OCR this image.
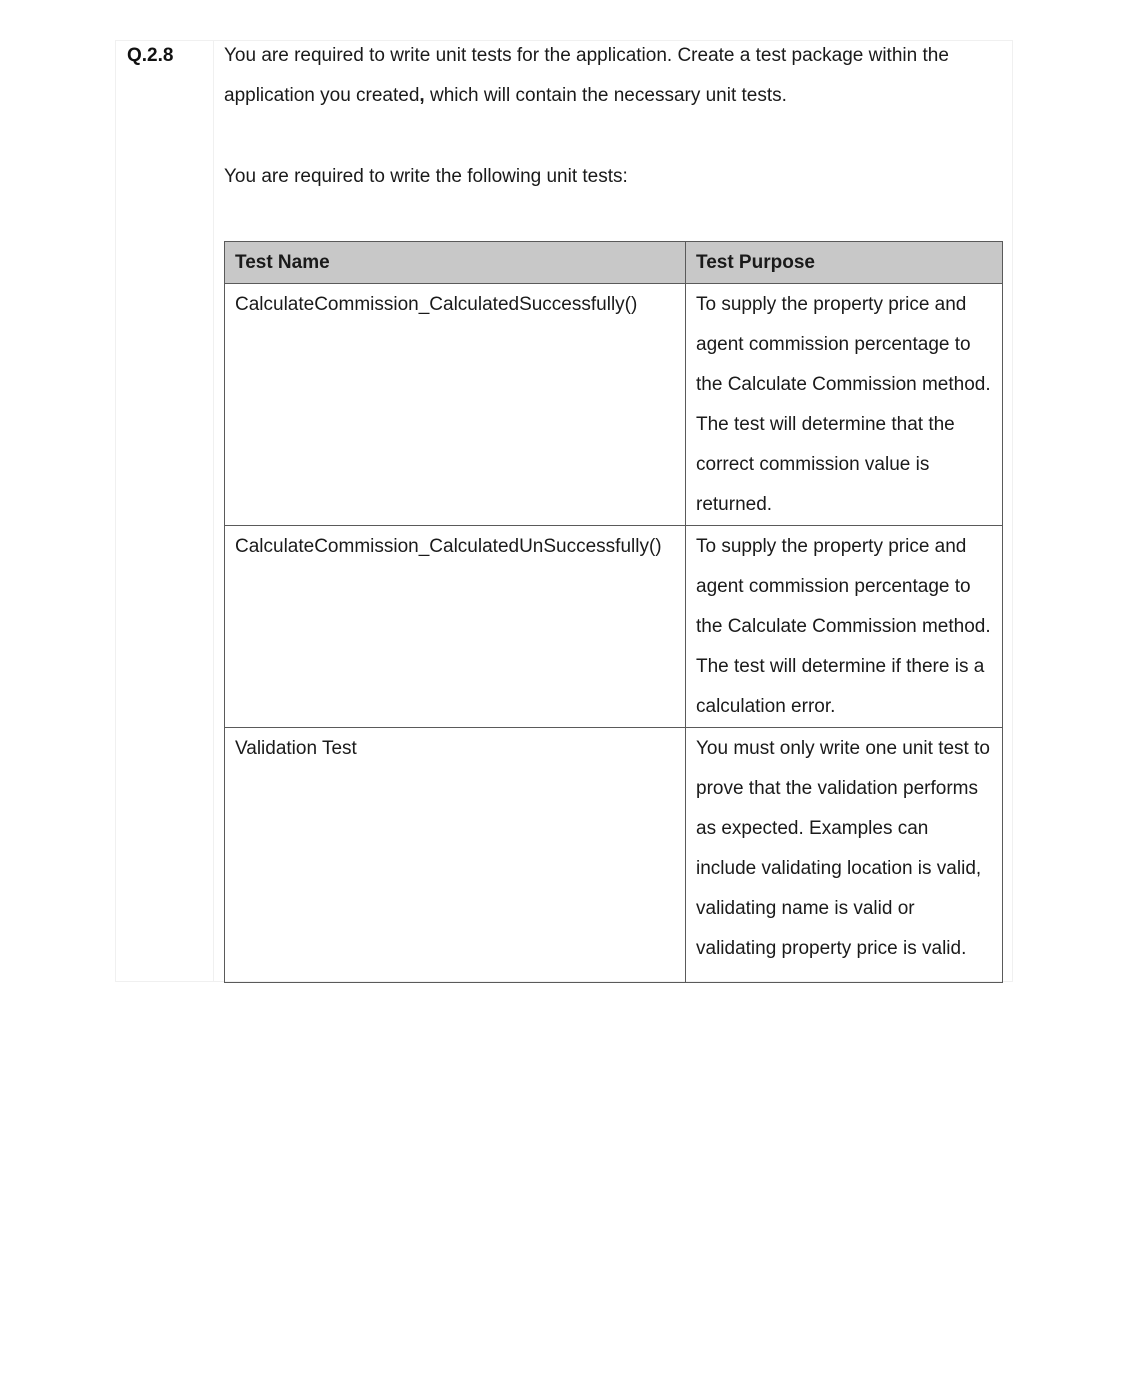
Q.2.8	You are required to write unit tests for the application. Create a test package within the application you created, which will contain the necessary unit tests.

You are required to write the following unit tests:

Test Name	Test Purpose
CalculateCommission_CalculatedSuccessfully()	To supply the property price and agent commission percentage to the Calculate Commission method. The test will determine that the correct commission value is returned.

CalculateCommission_CalculatedUnSuccessfully()	To supply the property price and agent commission percentage to the Calculate Commission method. The test will determine if there is a calculation error.

Validation Test	You must only write one unit test to prove that the validation performs as expected. Examples can include validating location is valid, validating name is valid or validating property price is valid.
